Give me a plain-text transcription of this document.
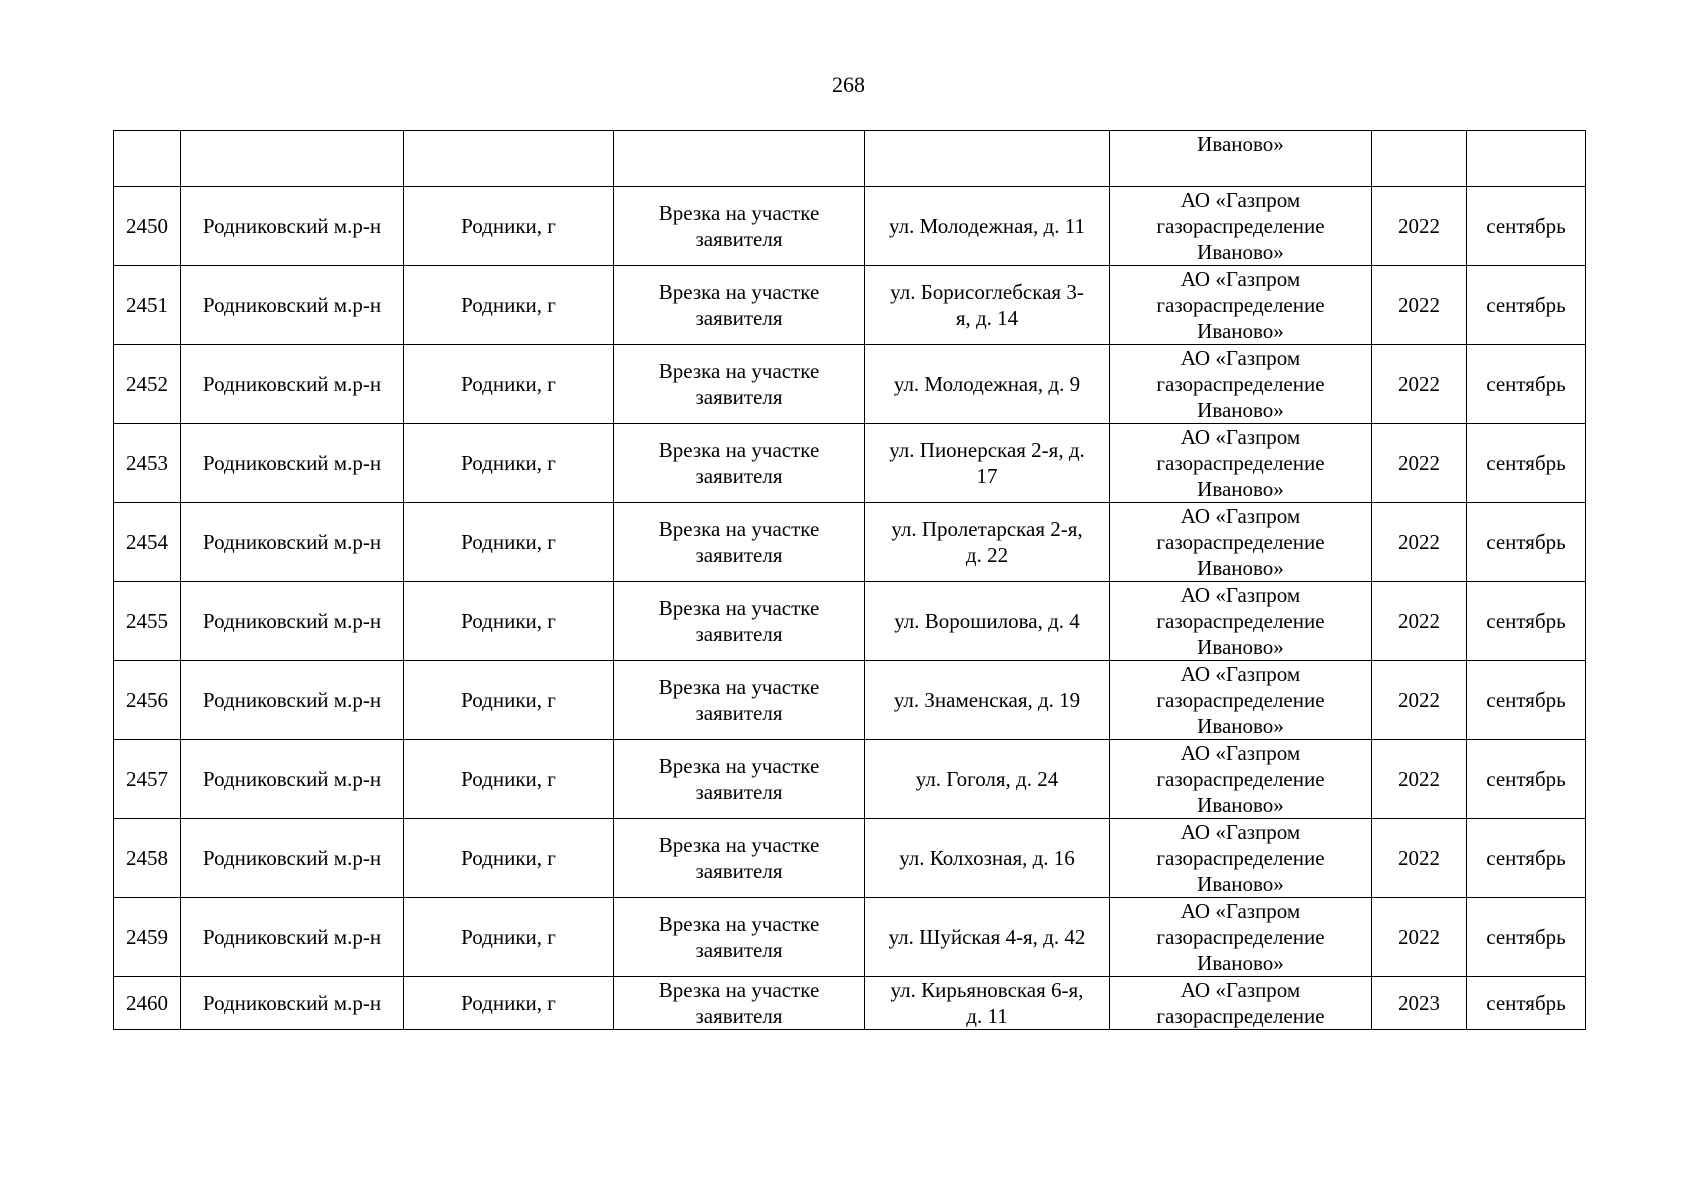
268

					Иваново»		

2450	Родниковский м.р-н	Родники, г	Врезка на участке
заявителя	ул. Молодежная, д. 11	АО «Газпром
газораспределение
Иваново»	2022	сентябрь

2451	Родниковский м.р-н	Родники, г	Врезка на участке
заявителя	ул. Борисоглебская 3-
я, д. 14	АО «Газпром
газораспределение
Иваново»	2022	сентябрь

2452	Родниковский м.р-н	Родники, г	Врезка на участке
заявителя	ул. Молодежная, д. 9	АО «Газпром
газораспределение
Иваново»	2022	сентябрь

2453	Родниковский м.р-н	Родники, г	Врезка на участке
заявителя	ул. Пионерская 2-я, д.
17	АО «Газпром
газораспределение
Иваново»	2022	сентябрь

2454	Родниковский м.р-н	Родники, г	Врезка на участке
заявителя	ул. Пролетарская 2-я,
д. 22	АО «Газпром
газораспределение
Иваново»	2022	сентябрь

2455	Родниковский м.р-н	Родники, г	Врезка на участке
заявителя	ул. Ворошилова, д. 4	АО «Газпром
газораспределение
Иваново»	2022	сентябрь

2456	Родниковский м.р-н	Родники, г	Врезка на участке
заявителя	ул. Знаменская, д. 19	АО «Газпром
газораспределение
Иваново»	2022	сентябрь

2457	Родниковский м.р-н	Родники, г	Врезка на участке
заявителя	ул. Гоголя, д. 24	АО «Газпром
газораспределение
Иваново»	2022	сентябрь

2458	Родниковский м.р-н	Родники, г	Врезка на участке
заявителя	ул. Колхозная, д. 16	АО «Газпром
газораспределение
Иваново»	2022	сентябрь

2459	Родниковский м.р-н	Родники, г	Врезка на участке
заявителя	ул. Шуйская 4-я, д. 42	АО «Газпром
газораспределение
Иваново»	2022	сентябрь

2460	Родниковский м.р-н	Родники, г	Врезка на участке
заявителя	ул. Кирьяновская 6-я,
д. 11	АО «Газпром
газораспределение	2023	сентябрь
